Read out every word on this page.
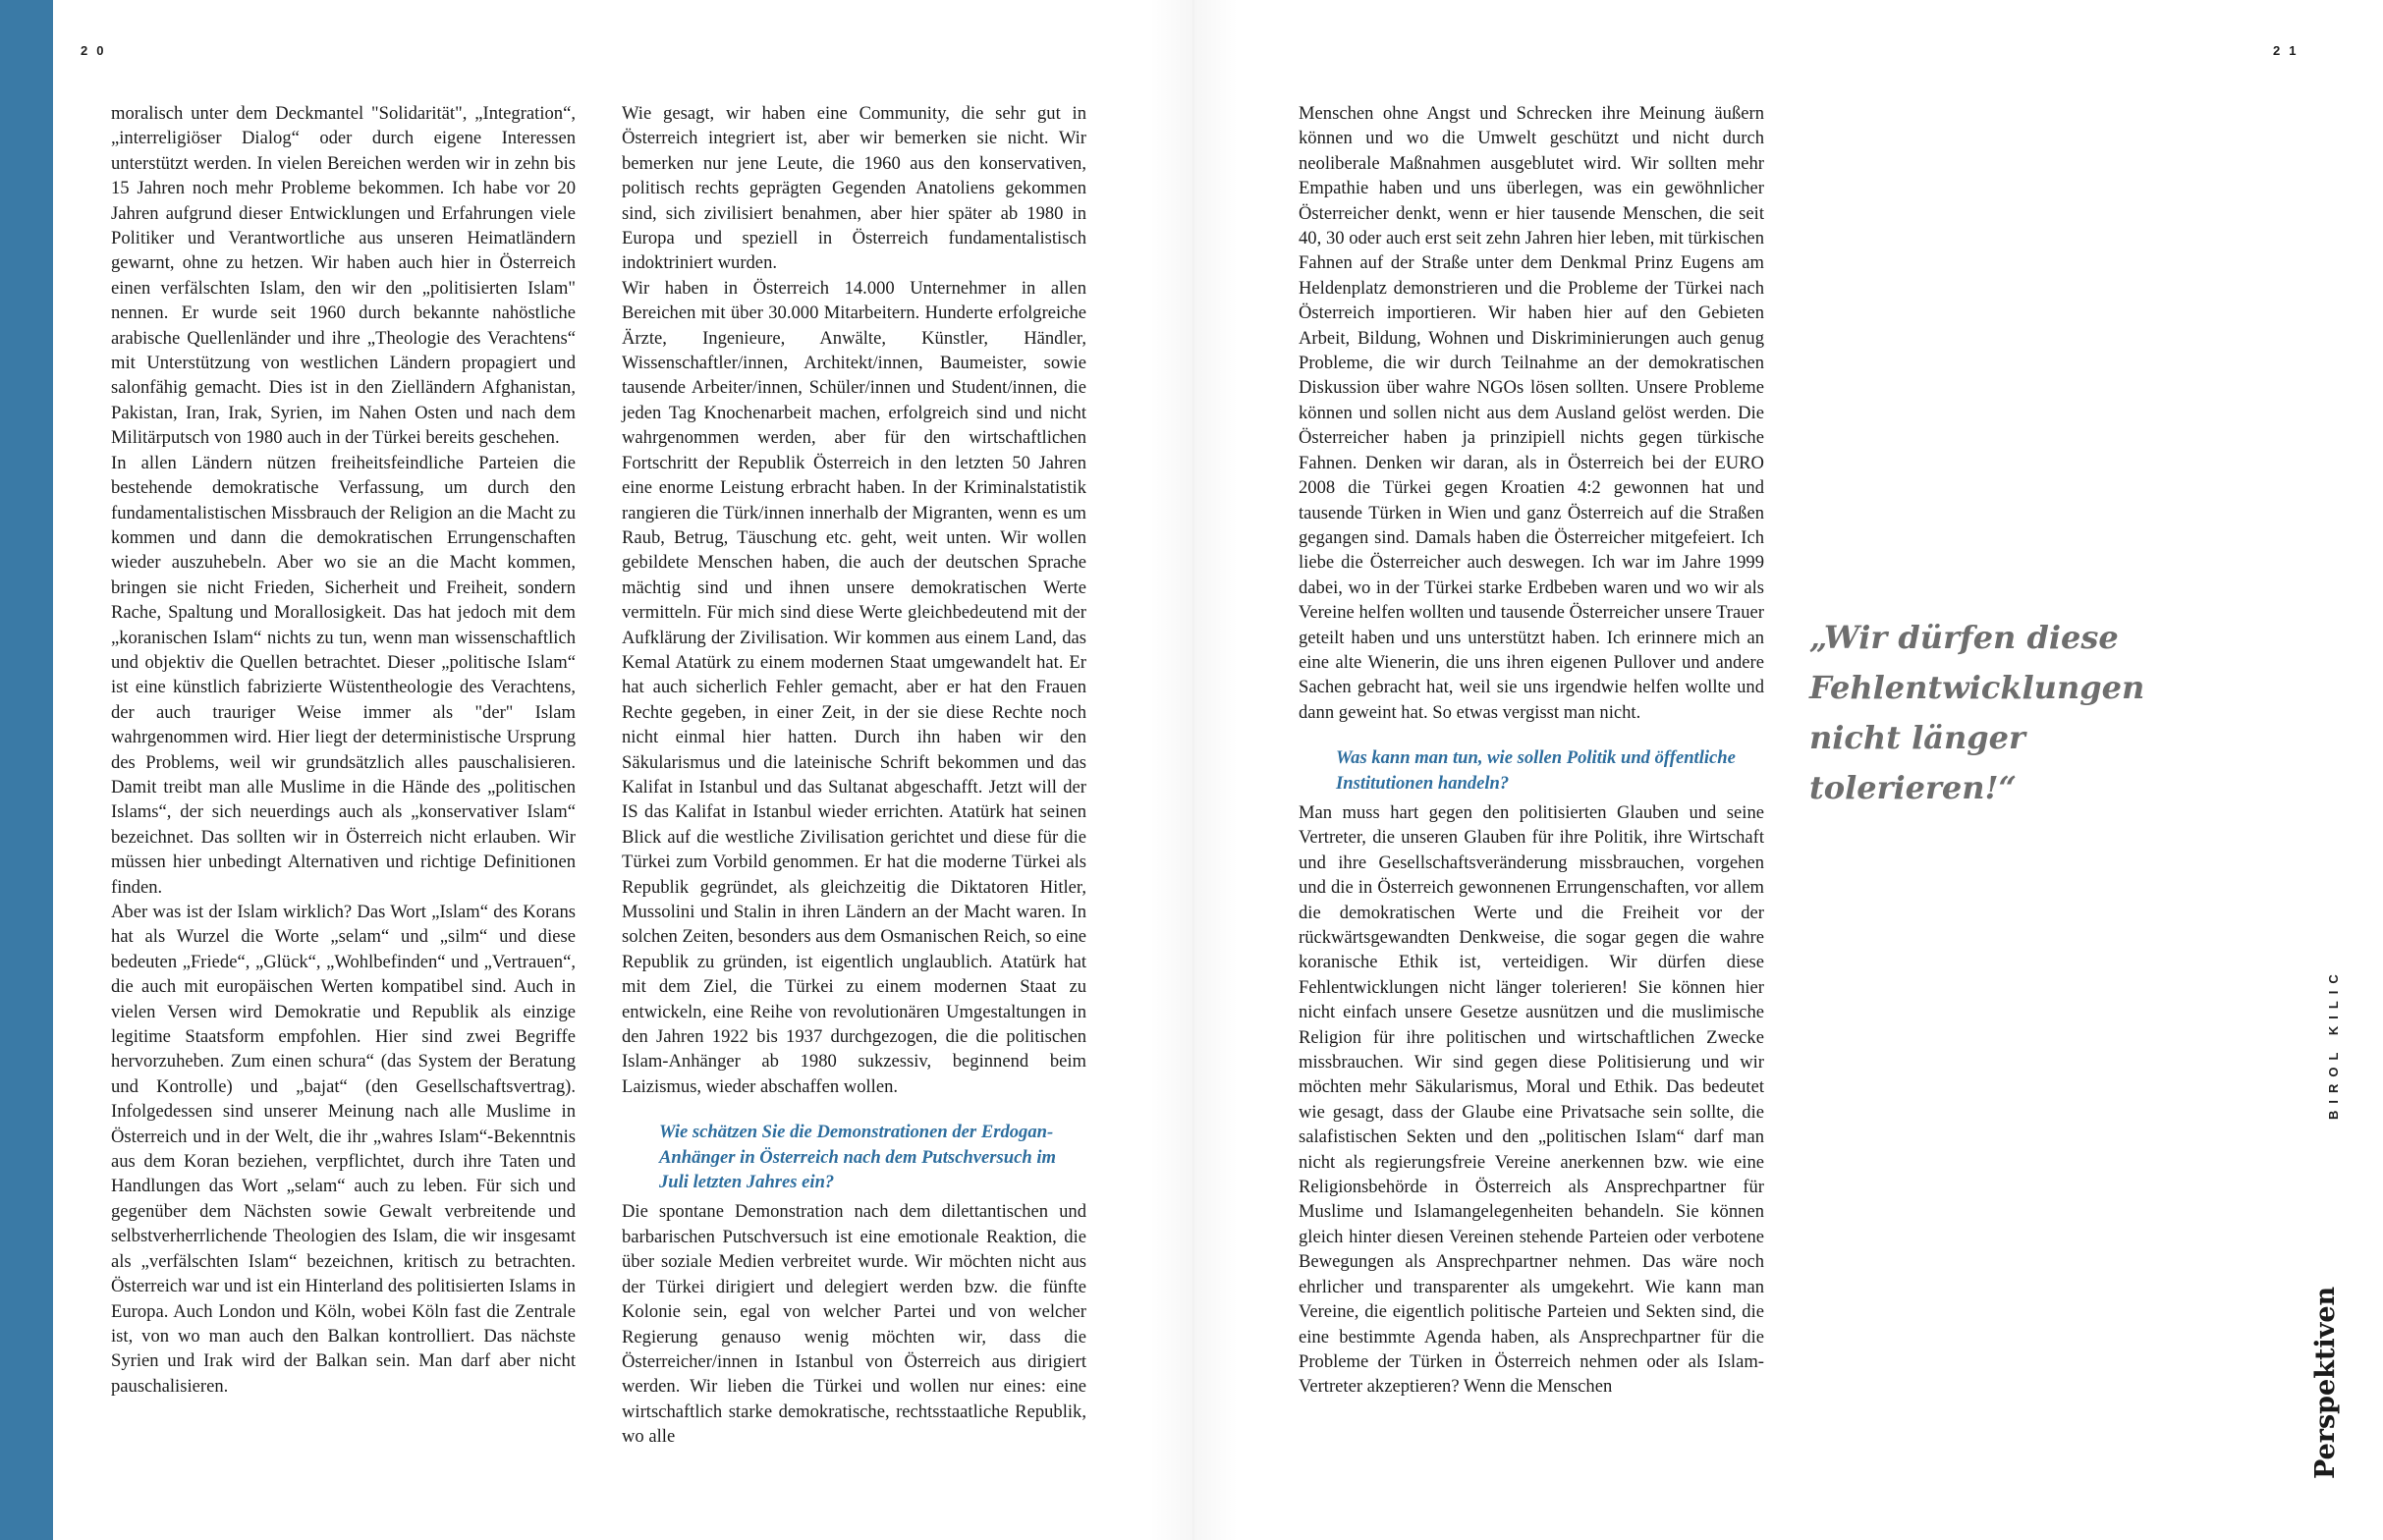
20	21

moralisch unter dem Deckmantel "Solidarität", „Integration“, „interreligiöser Dialog“ oder durch eigene Interessen unterstützt werden. In vielen Bereichen werden wir in zehn bis 15 Jahren noch mehr Probleme bekommen. Ich habe vor 20 Jahren aufgrund dieser Entwicklungen und Erfahrungen viele Politiker und Verantwortliche aus unseren Heimatländern gewarnt, ohne zu hetzen. Wir haben auch hier in Österreich einen verfälschten Islam, den wir den „politisierten Islam" nennen. Er wurde seit 1960 durch bekannte nahöstliche arabische Quellenländer und ihre „Theologie des Verachtens“ mit Unterstützung von westlichen Ländern propagiert und salonfähig gemacht. Dies ist in den Zielländern Afghanistan, Pakistan, Iran, Irak, Syrien, im Nahen Osten und nach dem Militärputsch von 1980 auch in der Türkei bereits geschehen.

In allen Ländern nützen freiheitsfeindliche Parteien die bestehende demokratische Verfassung, um durch den fundamentalistischen Missbrauch der Religion an die Macht zu kommen und dann die demokratischen Errungenschaften wieder auszuhebeln. Aber wo sie an die Macht kommen, bringen sie nicht Frieden, Sicherheit und Freiheit, sondern Rache, Spaltung und Morallosigkeit. Das hat jedoch mit dem „koranischen Islam“ nichts zu tun, wenn man wissenschaftlich und objektiv die Quellen betrachtet. Dieser „politische Islam“ ist eine künstlich fabrizierte Wüstentheologie des Verachtens, der auch trauriger Weise immer als "der" Islam wahrgenommen wird. Hier liegt der deterministische Ursprung des Problems, weil wir grundsätzlich alles pauschalisieren. Damit treibt man alle Muslime in die Hände des „politischen Islams“, der sich neuerdings auch als „konservativer Islam“ bezeichnet. Das sollten wir in Österreich nicht erlauben. Wir müssen hier unbedingt Alternativen und richtige Definitionen finden.

Aber was ist der Islam wirklich? Das Wort „Islam“ des Korans hat als Wurzel die Worte „selam“ und „silm“ und diese bedeuten „Friede“, „Glück“, „Wohlbefinden“ und „Vertrauen“, die auch mit europäischen Werten kompatibel sind. Auch in vielen Versen wird Demokratie und Republik als einzige legitime Staatsform empfohlen. Hier sind zwei Begriffe hervorzuheben. Zum einen schura“ (das System der Beratung und Kontrolle) und „bajat“ (den Gesellschaftsvertrag). Infolgedessen sind unserer Meinung nach alle Muslime in Österreich und in der Welt, die ihr „wahres Islam“-Bekenntnis aus dem Koran beziehen, verpflichtet, durch ihre Taten und Handlungen das Wort „selam“ auch zu leben. Für sich und gegenüber dem Nächsten sowie Gewalt verbreitende und selbstverherrlichende Theologien des Islam, die wir insgesamt als „verfälschten Islam“ bezeichnen, kritisch zu betrachten. Österreich war und ist ein Hinterland des politisierten Islams in Europa. Auch London und Köln, wobei Köln fast die Zentrale ist, von wo man auch den Balkan kontrolliert. Das nächste Syrien und Irak wird der Balkan sein. Man darf aber nicht pauschalisieren.

Wie gesagt, wir haben eine Community, die sehr gut in Österreich integriert ist, aber wir bemerken sie nicht. Wir bemerken nur jene Leute, die 1960 aus den konservativen, politisch rechts geprägten Gegenden Anatoliens gekommen sind, sich zivilisiert benahmen, aber hier später ab 1980 in Europa und speziell in Österreich fundamentalistisch indoktriniert wurden.

Wir haben in Österreich 14.000 Unternehmer in allen Bereichen mit über 30.000 Mitarbeitern. Hunderte erfolgreiche Ärzte, Ingenieure, Anwälte, Künstler, Händler, Wissenschaftler/innen, Architekt/innen, Baumeister, sowie tausende Arbeiter/innen, Schüler/innen und Student/innen, die jeden Tag Knochenarbeit machen, erfolgreich sind und nicht wahrgenommen werden, aber für den wirtschaftlichen Fortschritt der Republik Österreich in den letzten 50 Jahren eine enorme Leistung erbracht haben. In der Kriminalstatistik rangieren die Türk/innen innerhalb der Migranten, wenn es um Raub, Betrug, Täuschung etc. geht, weit unten. Wir wollen gebildete Menschen haben, die auch der deutschen Sprache mächtig sind und ihnen unsere demokratischen Werte vermitteln. Für mich sind diese Werte gleichbedeutend mit der Aufklärung der Zivilisation. Wir kommen aus einem Land, das Kemal Atatürk zu einem modernen Staat umgewandelt hat. Er hat auch sicherlich Fehler gemacht, aber er hat den Frauen Rechte gegeben, in einer Zeit, in der sie diese Rechte noch nicht einmal hier hatten. Durch ihn haben wir den Säkularismus und die lateinische Schrift bekommen und das Kalifat in Istanbul und das Sultanat abgeschafft. Jetzt will der IS das Kalifat in Istanbul wieder errichten. Atatürk hat seinen Blick auf die westliche Zivilisation gerichtet und diese für die Türkei zum Vorbild genommen. Er hat die moderne Türkei als Republik gegründet, als gleichzeitig die Diktatoren Hitler, Mussolini und Stalin in ihren Ländern an der Macht waren. In solchen Zeiten, besonders aus dem Osmanischen Reich, so eine Republik zu gründen, ist eigentlich unglaublich. Atatürk hat mit dem Ziel, die Türkei zu einem modernen Staat zu entwickeln, eine Reihe von revolutionären Umgestaltungen in den Jahren 1922 bis 1937 durchgezogen, die die politischen Islam-Anhänger ab 1980 sukzessiv, beginnend beim Laizismus, wieder abschaffen wollen.

Wie schätzen Sie die Demonstrationen der Erdogan-Anhänger in Österreich nach dem Putschversuch im Juli letzten Jahres ein?

Die spontane Demonstration nach dem dilettantischen und barbarischen Putschversuch ist eine emotionale Reaktion, die über soziale Medien verbreitet wurde. Wir möchten nicht aus der Türkei dirigiert und delegiert werden bzw. die fünfte Kolonie sein, egal von welcher Partei und von welcher Regierung genauso wenig möchten wir, dass die Österreicher/innen in Istanbul von Österreich aus dirigiert werden. Wir lieben die Türkei und wollen nur eines: eine wirtschaftlich starke demokratische, rechtsstaatliche Republik, wo alle

Menschen ohne Angst und Schrecken ihre Meinung äußern können und wo die Umwelt geschützt und nicht durch neoliberale Maßnahmen ausgeblutet wird. Wir sollten mehr Empathie haben und uns überlegen, was ein gewöhnlicher Österreicher denkt, wenn er hier tausende Menschen, die seit 40, 30 oder auch erst seit zehn Jahren hier leben, mit türkischen Fahnen auf der Straße unter dem Denkmal Prinz Eugens am Heldenplatz demonstrieren und die Probleme der Türkei nach Österreich importieren. Wir haben hier auf den Gebieten Arbeit, Bildung, Wohnen und Diskriminierungen auch genug Probleme, die wir durch Teilnahme an der demokratischen Diskussion über wahre NGOs lösen sollten. Unsere Probleme können und sollen nicht aus dem Ausland gelöst werden. Die Österreicher haben ja prinzipiell nichts gegen türkische Fahnen. Denken wir daran, als in Österreich bei der EURO 2008 die Türkei gegen Kroatien 4:2 gewonnen hat und tausende Türken in Wien und ganz Österreich auf die Straßen gegangen sind. Damals haben die Österreicher mitgefeiert. Ich liebe die Österreicher auch deswegen. Ich war im Jahre 1999 dabei, wo in der Türkei starke Erdbeben waren und wo wir als Vereine helfen wollten und tausende Österreicher unsere Trauer geteilt haben und uns unterstützt haben. Ich erinnere mich an eine alte Wienerin, die uns ihren eigenen Pullover und andere Sachen gebracht hat, weil sie uns irgendwie helfen wollte und dann geweint hat. So etwas vergisst man nicht.

Was kann man tun, wie sollen Politik und öffentliche Institutionen handeln?

Man muss hart gegen den politisierten Glauben und seine Vertreter, die unseren Glauben für ihre Politik, ihre Wirtschaft und ihre Gesellschaftsveränderung missbrauchen, vorgehen und die in Österreich gewonnenen Errungenschaften, vor allem die demokratischen Werte und die Freiheit vor der rückwärtsgewandten Denkweise, die sogar gegen die wahre koranische Ethik ist, verteidigen. Wir dürfen diese Fehlentwicklungen nicht länger tolerieren! Sie können hier nicht einfach unsere Gesetze ausnützen und die muslimische Religion für ihre politischen und wirtschaftlichen Zwecke missbrauchen. Wir sind gegen diese Politisierung und wir möchten mehr Säkularismus, Moral und Ethik. Das bedeutet wie gesagt, dass der Glaube eine Privatsache sein sollte, die salafistischen Sekten und den „politischen Islam“ darf man nicht als regierungsfreie Vereine anerkennen bzw. wie eine Religionsbehörde in Österreich als Ansprechpartner für Muslime und Islamangelegenheiten behandeln. Sie können gleich hinter diesen Vereinen stehende Parteien oder verbotene Bewegungen als Ansprechpartner nehmen. Das wäre noch ehrlicher und transparenter als umgekehrt. Wie kann man Vereine, die eigentlich politische Parteien und Sekten sind, die eine bestimmte Agenda haben, als Ansprechpartner für die Probleme der Türken in Österreich nehmen oder als Islam-Vertreter akzeptieren? Wenn die Menschen

„Wir dürfen diese Fehlentwicklungen nicht länger tolerieren!“
BIROL KILIC
Perspektiven
